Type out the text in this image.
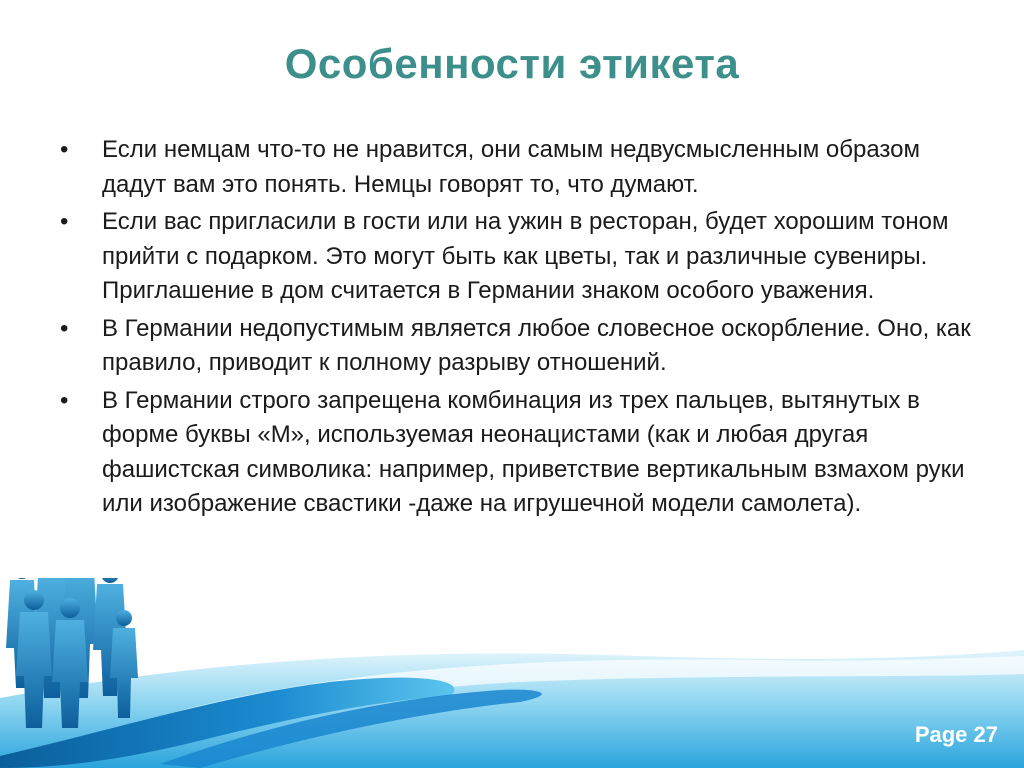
Особенности этикета
• Если немцам что-то не нравится, они самым недвусмысленным образом дадут вам это понять. Немцы говорят то, что думают.
• Если вас пригласили в гости или на ужин в ресторан, будет хорошим тоном прийти с подарком. Это могут быть как цветы, так и различные сувениры. Приглашение в дом считается в Германии знаком особого уважения.
• В Германии недопустимым является любое словесное оскорбление. Оно, как правило, приводит к полному разрыву отношений.
• В Германии строго запрещена комбинация из трех пальцев, вытянутых в форме буквы «М», используемая неонацистами (как и любая другая фашистская символика: например, приветствие вертикальным взмахом руки или изображение свастики -даже на игрушечной модели самолета).
Page 27
